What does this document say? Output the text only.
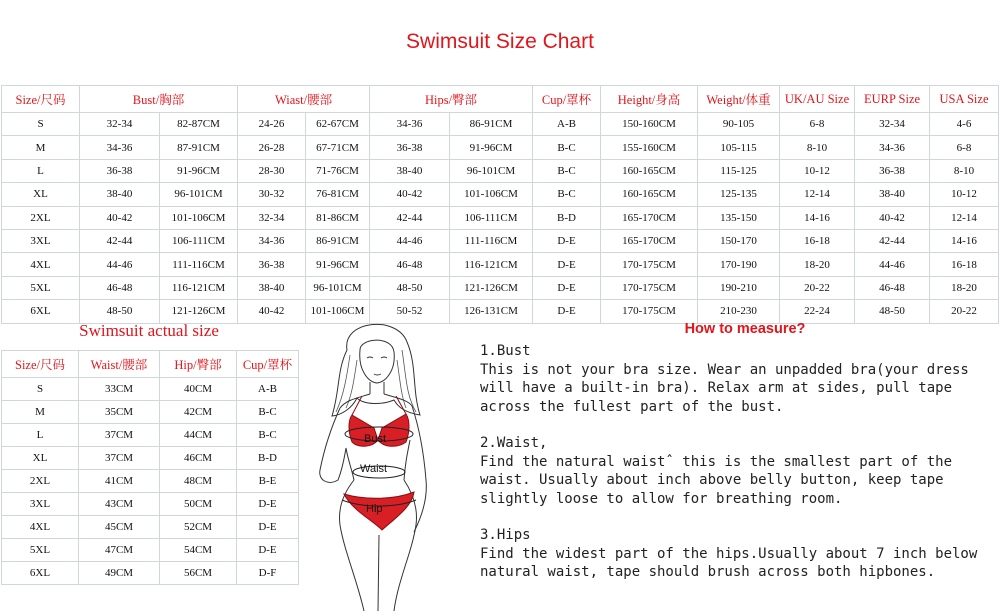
Swimsuit Size Chart
Size/尺码	Bust/胸部		Wiast/腰部		Hips/臀部		Cup/罩杯	Height/身高	Weight/体重	UK/AU Size	EURP Size	USA Size
S	32-34	82-87CM	24-26	62-67CM	34-36	86-91CM	A-B	150-160CM	90-105	6-8	32-34	4-6
M	34-36	87-91CM	26-28	67-71CM	36-38	91-96CM	B-C	155-160CM	105-115	8-10	34-36	6-8
L	36-38	91-96CM	28-30	71-76CM	38-40	96-101CM	B-C	160-165CM	115-125	10-12	36-38	8-10
XL	38-40	96-101CM	30-32	76-81CM	40-42	101-106CM	B-C	160-165CM	125-135	12-14	38-40	10-12
2XL	40-42	101-106CM	32-34	81-86CM	42-44	106-111CM	B-D	165-170CM	135-150	14-16	40-42	12-14
3XL	42-44	106-111CM	34-36	86-91CM	44-46	111-116CM	D-E	165-170CM	150-170	16-18	42-44	14-16
4XL	44-46	111-116CM	36-38	91-96CM	46-48	116-121CM	D-E	170-175CM	170-190	18-20	44-46	16-18
5XL	46-48	116-121CM	38-40	96-101CM	48-50	121-126CM	D-E	170-175CM	190-210	20-22	46-48	18-20
6XL	48-50	121-126CM	40-42	101-106CM	50-52	126-131CM	D-E	170-175CM	210-230	22-24	48-50	20-22
Swimsuit actual size
Size/尺码	Waist/腰部	Hip/臀部	Cup/罩杯
S	33CM	40CM	A-B
M	35CM	42CM	B-C
L	37CM	44CM	B-C
XL	37CM	46CM	B-D
2XL	41CM	48CM	B-E
3XL	43CM	50CM	D-E
4XL	45CM	52CM	D-E
5XL	47CM	54CM	D-E
6XL	49CM	56CM	D-F
Bust
Waist
Hip
How to measure?
1.Bust
This is not your bra size. Wear an unpadded bra(your dress will have a built-in bra). Relax arm at sides, pull tape across the fullest part of the bust.
2.Waist,
Find the natural waistˆ this is the smallest part of the waist. Usually about inch above belly button, keep tape slightly loose to allow for breathing room.
3.Hips
Find the widest part of the hips.Usually about 7 inch below natural waist, tape should brush across both hipbones.
